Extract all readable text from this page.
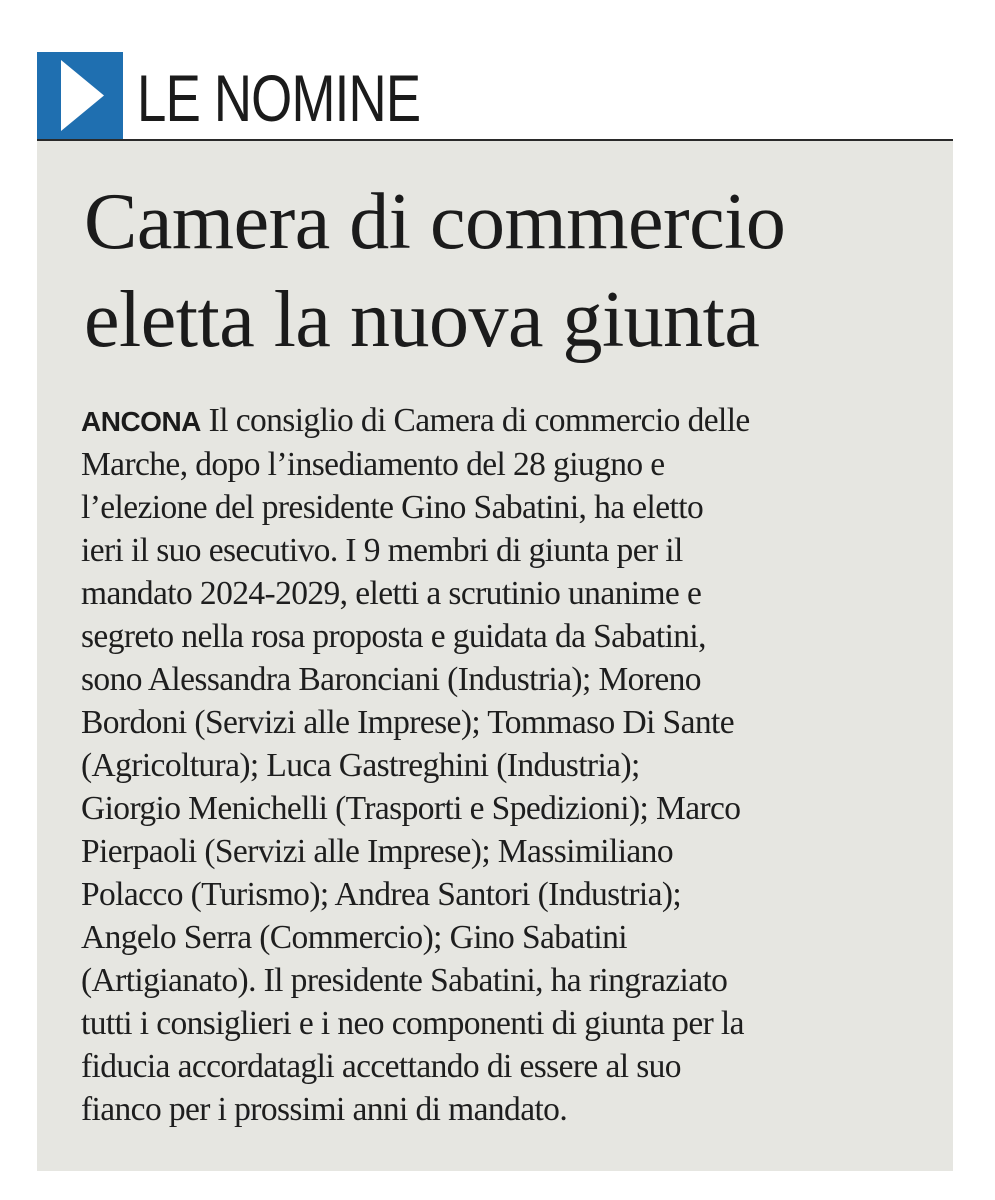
LE NOMINE
Camera di commercio
eletta la nuova giunta
ANCONA Il consiglio di Camera di commercio delle
Marche, dopo l’insediamento del 28 giugno e
l’elezione del presidente Gino Sabatini, ha eletto
ieri il suo esecutivo. I 9 membri di giunta per il
mandato 2024-2029, eletti a scrutinio unanime e
segreto nella rosa proposta e guidata da Sabatini,
sono Alessandra Baronciani (Industria); Moreno
Bordoni (Servizi alle Imprese); Tommaso Di Sante
(Agricoltura); Luca Gastreghini (Industria);
Giorgio Menichelli (Trasporti e Spedizioni); Marco
Pierpaoli (Servizi alle Imprese); Massimiliano
Polacco (Turismo); Andrea Santori (Industria);
Angelo Serra (Commercio); Gino Sabatini
(Artigianato). Il presidente Sabatini, ha ringraziato
tutti i consiglieri e i neo componenti di giunta per la
fiducia accordatagli accettando di essere al suo
fianco per i prossimi anni di mandato.
